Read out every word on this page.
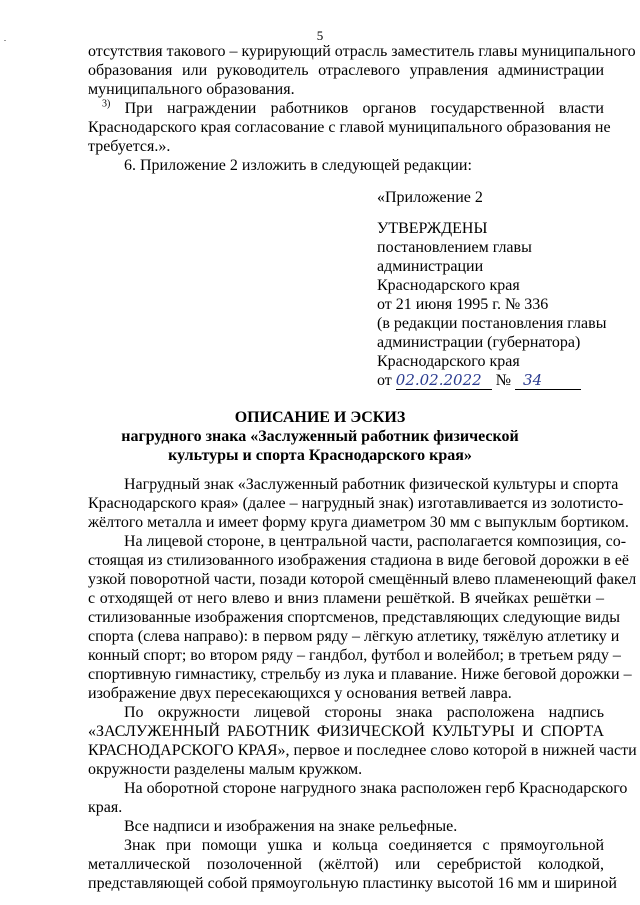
5
отсутствия такового – курирующий отрасль заместитель главы муниципального
образования или руководитель отраслевого управления администрации
муниципального образования.
$^{3)}$ При награждении работников органов государственной власти
Краснодарского края согласование с главой муниципального образования не
требуется.».
6. Приложение 2 изложить в следующей редакции:
«Приложение 2
УТВЕРЖДЕНЫ
постановлением главы
администрации
Краснодарского края
от 21 июня 1995 г. № 336
(в редакции постановления главы
администрации (губернатора)
Краснодарского края
от 02.02.2022 № 34
ОПИСАНИЕ И ЭСКИЗ
нагрудного знака «Заслуженный работник физической
культуры и спорта Краснодарского края»
Нагрудный знак «Заслуженный работник физической культуры и спорта
Краснодарского края» (далее – нагрудный знак) изготавливается из золотисто-
жёлтого металла и имеет форму круга диаметром 30 мм с выпуклым бортиком.
На лицевой стороне, в центральной части, располагается композиция, со-
стоящая из стилизованного изображения стадиона в виде беговой дорожки в её
узкой поворотной части, позади которой смещённый влево пламенеющий факел
с отходящей от него влево и вниз пламени решёткой. В ячейках решётки –
стилизованные изображения спортсменов, представляющих следующие виды
спорта (слева направо): в первом ряду – лёгкую атлетику, тяжёлую атлетику и
конный спорт; во втором ряду – гандбол, футбол и волейбол; в третьем ряду –
спортивную гимнастику, стрельбу из лука и плавание. Ниже беговой дорожки –
изображение двух пересекающихся у основания ветвей лавра.
По окружности лицевой стороны знака расположена надпись
«ЗАСЛУЖЕННЫЙ РАБОТНИК ФИЗИЧЕСКОЙ КУЛЬТУРЫ И СПОРТА
КРАСНОДАРСКОГО КРАЯ», первое и последнее слово которой в нижней части
окружности разделены малым кружком.
На оборотной стороне нагрудного знака расположен герб Краснодарского
края.
Все надписи и изображения на знаке рельефные.
Знак при помощи ушка и кольца соединяется с прямоугольной
металлической позолоченной (жёлтой) или серебристой колодкой,
представляющей собой прямоугольную пластинку высотой 16 мм и шириной
